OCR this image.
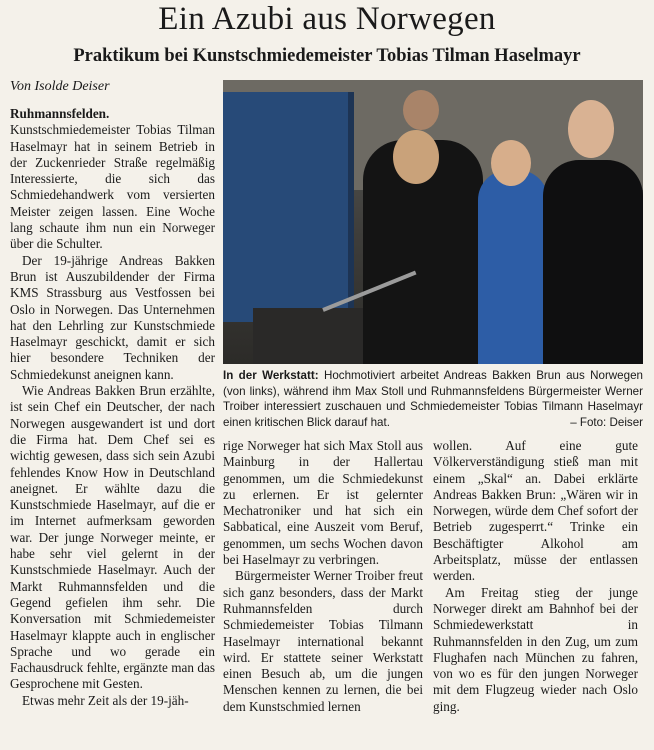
Ein Azubi aus Norwegen
Praktikum bei Kunstschmiedemeister Tobias Tilman Haselmayr
Von Isolde Deiser

Ruhmannsfelden. Kunstschmiedemeister Tobias Tilman Haselmayr hat in seinem Betrieb in der Zuckenrieder Straße regelmäßig Interessierte, die sich das Schmiedehandwerk vom versierten Meister zeigen lassen. Eine Woche lang schaute ihm nun ein Norweger über die Schulter.

Der 19-jährige Andreas Bakken Brun ist Auszubildender der Firma KMS Strassburg aus Vestfossen bei Oslo in Norwegen. Das Unternehmen hat den Lehrling zur Kunstschmiede Haselmayr geschickt, damit er sich hier besondere Techniken der Schmiedekunst aneignen kann.

Wie Andreas Bakken Brun erzählte, ist sein Chef ein Deutscher, der nach Norwegen ausgewandert ist und dort die Firma hat. Dem Chef sei es wichtig gewesen, dass sich sein Azubi fehlendes Know How in Deutschland aneignet. Er wählte dazu die Kunstschmiede Haselmayr, auf die er im Internet aufmerksam geworden war. Der junge Norweger meinte, er habe sehr viel gelernt in der Kunstschmiede Haselmayr. Auch der Markt Ruhmannsfelden und die Gegend gefielen ihm sehr. Die Konversation mit Schmiedemeister Haselmayr klappte auch in englischer Sprache und wo gerade ein Fachausdruck fehlte, ergänzte man das Gesprochene mit Gesten.

Etwas mehr Zeit als der 19-jäh-

In der Werkstatt: Hochmotiviert arbeitet Andreas Bakken Brun aus Norwegen (von links), während ihm Max Stoll und Ruhmannsfeldens Bürgermeister Werner Troiber interessiert zuschauen und Schmiedemeister Tobias Tilmann Haselmayr einen kritischen Blick darauf hat.	– Foto: Deiser

rige Norweger hat sich Max Stoll aus Mainburg in der Hallertau genommen, um die Schmiedekunst zu erlernen. Er ist gelernter Mechatroniker und hat sich ein Sabbatical, eine Auszeit vom Beruf, genommen, um sechs Wochen davon bei Haselmayr zu verbringen.

Bürgermeister Werner Troiber freut sich ganz besonders, dass der Markt Ruhmannsfelden durch Schmiedemeister Tobias Tilmann Haselmayr international bekannt wird. Er stattete seiner Werkstatt einen Besuch ab, um die jungen Menschen kennen zu lernen, die bei dem Kunstschmied lernen

wollen. Auf eine gute Völkerverständigung stieß man mit einem „Skal“ an. Dabei erklärte Andreas Bakken Brun: „Wären wir in Norwegen, würde dem Chef sofort der Betrieb zugesperrt.“ Trinke ein Beschäftigter Alkohol am Arbeitsplatz, müsse der entlassen werden.

Am Freitag stieg der junge Norweger direkt am Bahnhof bei der Schmiedewerkstatt in Ruhmannsfelden in den Zug, um zum Flughafen nach München zu fahren, von wo es für den jungen Norweger mit dem Flugzeug wieder nach Oslo ging.
